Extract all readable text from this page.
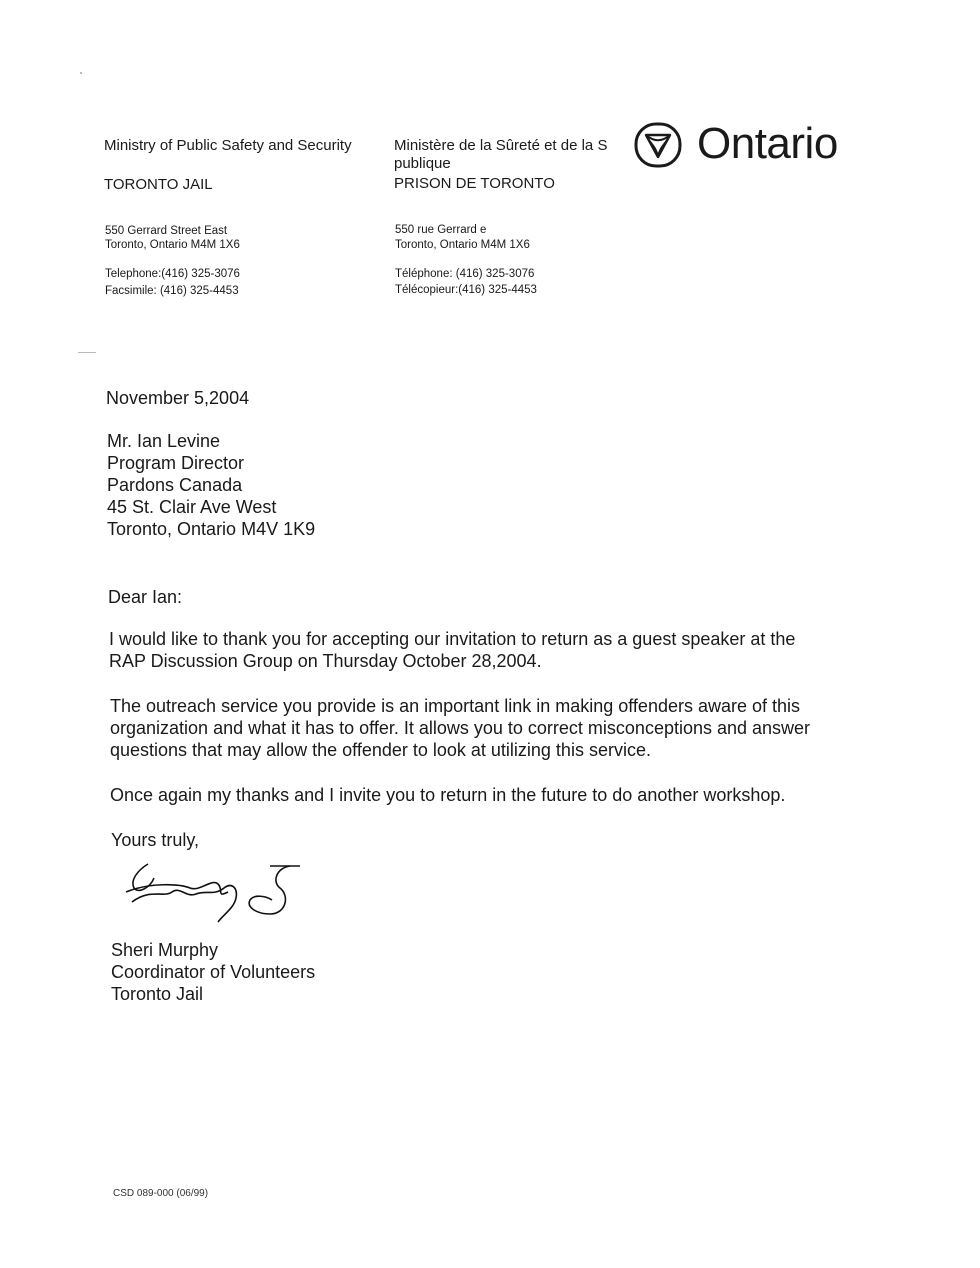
Ministry of Public Safety and Security
TORONTO JAIL
550 Gerrard Street East
Toronto, Ontario M4M 1X6
Telephone:(416) 325-3076
Facsimile: (416) 325-4453
Ministère de la Sûreté et de la S
publique
PRISON DE TORONTO
550 rue Gerrard e
Toronto, Ontario M4M 1X6
Téléphone: (416) 325-3076
Télécopieur:(416) 325-4453
Ontario
November 5,2004
Mr. Ian Levine
Program Director
Pardons Canada
45 St. Clair Ave West
Toronto, Ontario M4V 1K9
Dear Ian:
I would like to thank you for accepting our invitation to return as a guest speaker at the
RAP Discussion Group on Thursday October 28,2004.
The outreach service you provide is an important link in making offenders aware of this
organization and what it has to offer. It allows you to correct misconceptions and answer
questions that may allow the offender to look at utilizing this service.
Once again my thanks and I invite you to return in the future to do another workshop.
Yours truly,
Sheri Murphy
Coordinator of Volunteers
Toronto Jail
CSD 089-000 (06/99)
